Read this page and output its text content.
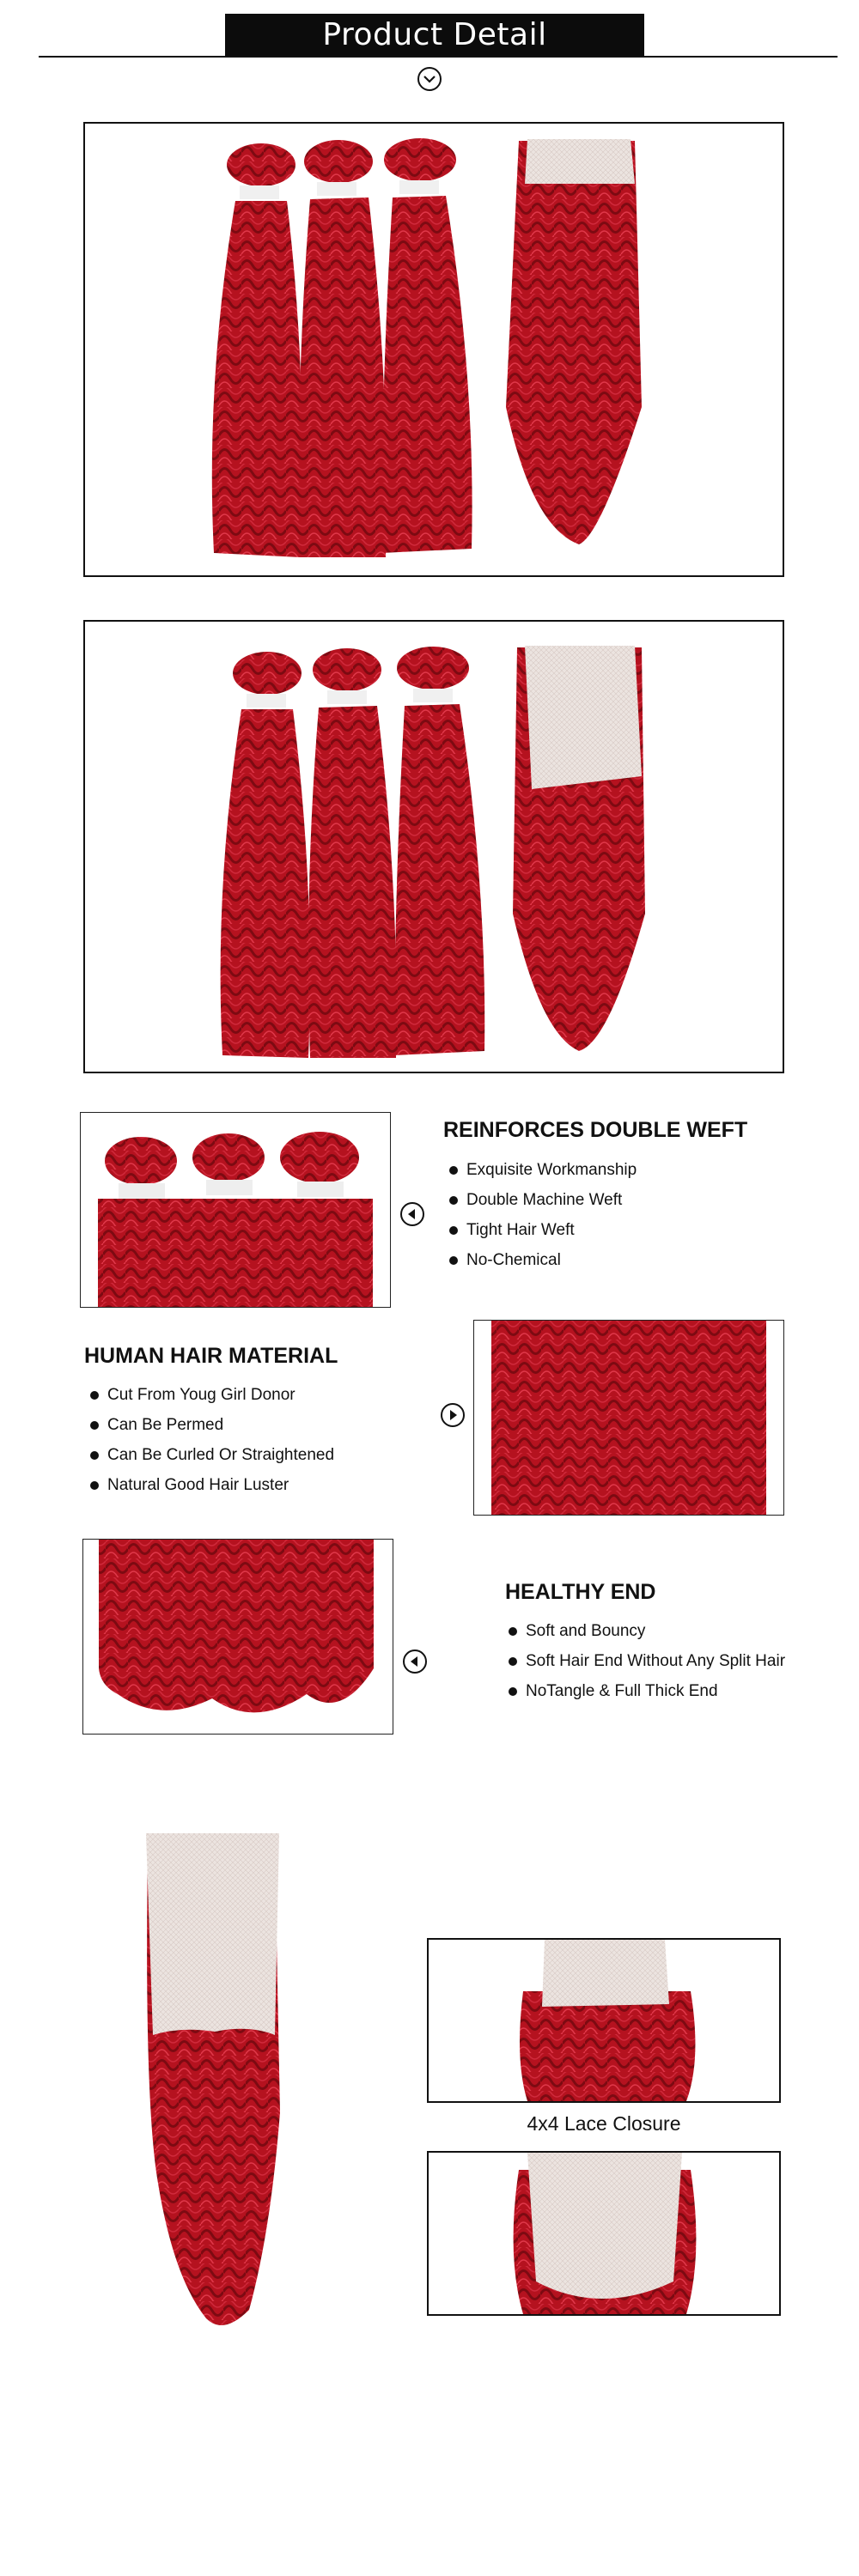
Product Detail
REINFORCES DOUBLE WEFT
Exquisite Workmanship
Double Machine Weft
Tight Hair Weft
No-Chemical
HUMAN HAIR MATERIAL
Cut From Youg Girl Donor
Can Be Permed
Can Be Curled Or Straightened
Natural Good Hair Luster
HEALTHY END
Soft and Bouncy
Soft Hair End Without Any Split Hair
NoTangle & Full Thick End
4x4 Lace Closure
